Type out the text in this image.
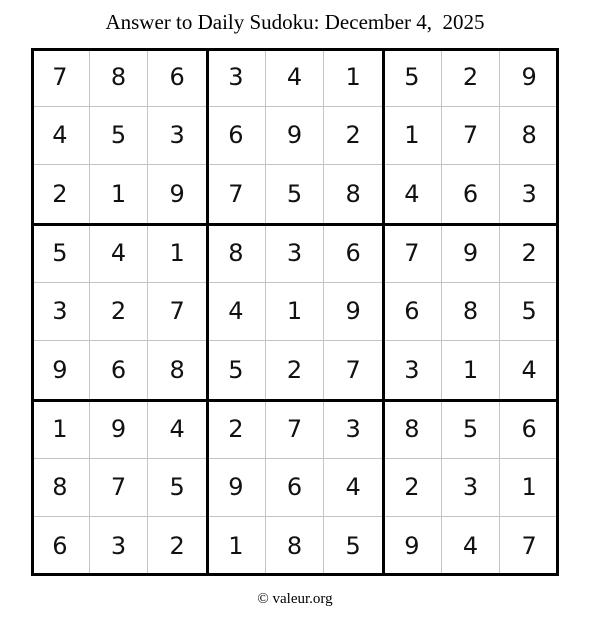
Answer to Daily Sudoku: December 4,  2025
7	8	6	3	4	1	5	2	9
4	5	3	6	9	2	1	7	8
2	1	9	7	5	8	4	6	3
5	4	1	8	3	6	7	9	2
3	2	7	4	1	9	6	8	5
9	6	8	5	2	7	3	1	4
1	9	4	2	7	3	8	5	6
8	7	5	9	6	4	2	3	1
6	3	2	1	8	5	9	4	7
© valeur.org
